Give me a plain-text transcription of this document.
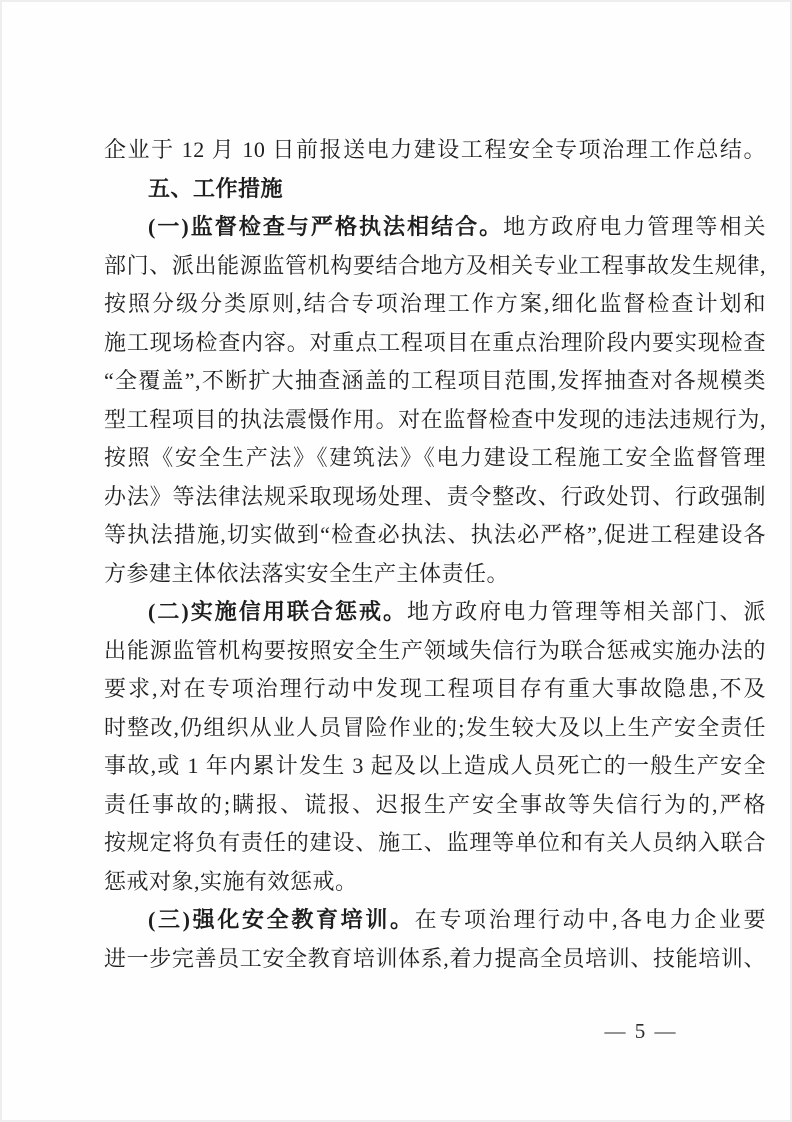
企业于 12 月 10 日前报送电力建设工程安全专项治理工作总结。
五、工作措施
(一)监督检查与严格执法相结合。地方政府电力管理等相关
部门、派出能源监管机构要结合地方及相关专业工程事故发生规律,
按照分级分类原则,结合专项治理工作方案,细化监督检查计划和
施工现场检查内容。对重点工程项目在重点治理阶段内要实现检查
“全覆盖”,不断扩大抽查涵盖的工程项目范围,发挥抽查对各规模类
型工程项目的执法震慑作用。对在监督检查中发现的违法违规行为,
按照《安全生产法》《建筑法》《电力建设工程施工安全监督管理
办法》等法律法规采取现场处理、责令整改、行政处罚、行政强制
等执法措施,切实做到“检查必执法、执法必严格”,促进工程建设各
方参建主体依法落实安全生产主体责任。
(二)实施信用联合惩戒。地方政府电力管理等相关部门、派
出能源监管机构要按照安全生产领域失信行为联合惩戒实施办法的
要求,对在专项治理行动中发现工程项目存有重大事故隐患,不及
时整改,仍组织从业人员冒险作业的;发生较大及以上生产安全责任
事故,或 1 年内累计发生 3 起及以上造成人员死亡的一般生产安全
责任事故的;瞒报、谎报、迟报生产安全事故等失信行为的,严格
按规定将负有责任的建设、施工、监理等单位和有关人员纳入联合
惩戒对象,实施有效惩戒。
(三)强化安全教育培训。在专项治理行动中,各电力企业要
进一步完善员工安全教育培训体系,着力提高全员培训、技能培训、
— 5 —
